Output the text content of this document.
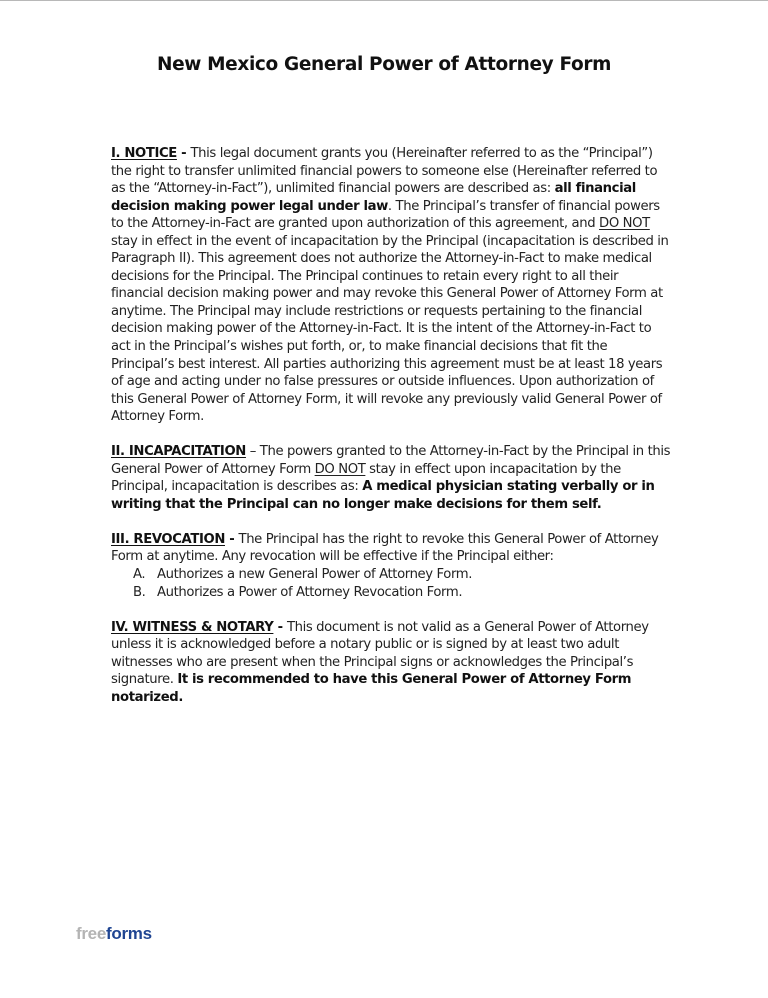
New Mexico General Power of Attorney Form

I. NOTICE - This legal document grants you (Hereinafter referred to as the “Principal”) the right to transfer unlimited financial powers to someone else (Hereinafter referred to as the “Attorney-in-Fact”), unlimited financial powers are described as: all financial decision making power legal under law. The Principal’s transfer of financial powers to the Attorney-in-Fact are granted upon authorization of this agreement, and DO NOT stay in effect in the event of incapacitation by the Principal (incapacitation is described in Paragraph II). This agreement does not authorize the Attorney-in-Fact to make medical decisions for the Principal. The Principal continues to retain every right to all their financial decision making power and may revoke this General Power of Attorney Form at anytime. The Principal may include restrictions or requests pertaining to the financial decision making power of the Attorney-in-Fact. It is the intent of the Attorney-in-Fact to act in the Principal’s wishes put forth, or, to make financial decisions that fit the Principal’s best interest. All parties authorizing this agreement must be at least 18 years of age and acting under no false pressures or outside influences. Upon authorization of this General Power of Attorney Form, it will revoke any previously valid General Power of Attorney Form.

II. INCAPACITATION – The powers granted to the Attorney-in-Fact by the Principal in this General Power of Attorney Form DO NOT stay in effect upon incapacitation by the Principal, incapacitation is describes as: A medical physician stating verbally or in writing that the Principal can no longer make decisions for them self.

III. REVOCATION - The Principal has the right to revoke this General Power of Attorney Form at anytime. Any revocation will be effective if the Principal either:
A. Authorizes a new General Power of Attorney Form.
B. Authorizes a Power of Attorney Revocation Form.

IV. WITNESS & NOTARY - This document is not valid as a General Power of Attorney unless it is acknowledged before a notary public or is signed by at least two adult witnesses who are present when the Principal signs or acknowledges the Principal’s signature. It is recommended to have this General Power of Attorney Form notarized.

freeforms
